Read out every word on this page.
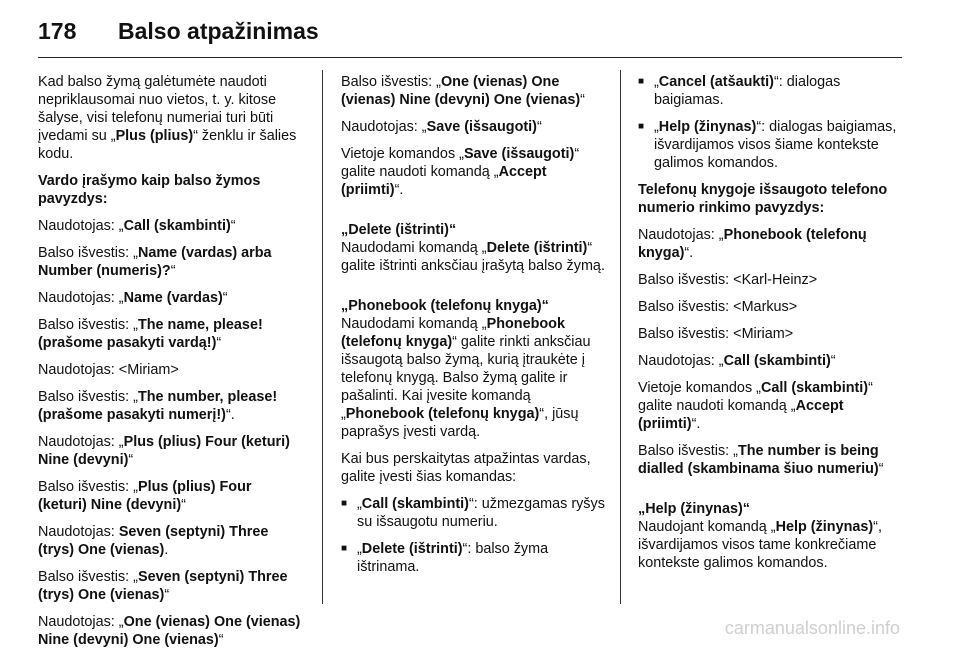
178 Balso atpažinimas

Kad balso žymą galėtumėte naudoti nepriklausomai nuo vietos, t. y. kitose šalyse, visi telefonų numeriai turi būti įvedami su „Plus (plius)“ ženklu ir šalies kodu.

Vardo įrašymo kaip balso žymos pavyzdys:

Naudotojas: „Call (skambinti)“

Balso išvestis: „Name (vardas) arba Number (numeris)?“

Naudotojas: „Name (vardas)“

Balso išvestis: „The name, please! (prašome pasakyti vardą!)“

Naudotojas: <Miriam>

Balso išvestis: „The number, please! (prašome pasakyti numerį!)“.

Naudotojas: „Plus (plius) Four (keturi) Nine (devyni)“

Balso išvestis: „Plus (plius) Four (keturi) Nine (devyni)“

Naudotojas: Seven (septyni) Three (trys) One (vienas).

Balso išvestis: „Seven (septyni) Three (trys) One (vienas)“

Naudotojas: „One (vienas) One (vienas) Nine (devyni) One (vienas)“

Balso išvestis: „One (vienas) One (vienas) Nine (devyni) One (vienas)“

Naudotojas: „Save (išsaugoti)“

Vietoje komandos „Save (išsaugoti)“ galite naudoti komandą „Accept (priimti)“.

„Delete (ištrinti)“

Naudodami komandą „Delete (ištrinti)“ galite ištrinti anksčiau įrašytą balso žymą.

„Phonebook (telefonų knyga)“

Naudodami komandą „Phonebook (telefonų knyga)“ galite rinkti anksčiau išsaugotą balso žymą, kurią įtraukėte į telefonų knygą. Balso žymą galite ir pašalinti. Kai įvesite komandą „Phonebook (telefonų knyga)“, jūsų paprašys įvesti vardą.

Kai bus perskaitytas atpažintas vardas, galite įvesti šias komandas:

■ „Call (skambinti)“: užmezgamas ryšys su išsaugotu numeriu.
■ „Delete (ištrinti)“: balso žyma ištrinama.
■ „Cancel (atšaukti)“: dialogas baigiamas.
■ „Help (žinynas)“: dialogas baigiamas, išvardijamos visos šiame kontekste galimos komandos.

Telefonų knygoje išsaugoto telefono numerio rinkimo pavyzdys:

Naudotojas: „Phonebook (telefonų knyga)“.

Balso išvestis: <Karl-Heinz>

Balso išvestis: <Markus>

Balso išvestis: <Miriam>

Naudotojas: „Call (skambinti)“

Vietoje komandos „Call (skambinti)“ galite naudoti komandą „Accept (priimti)“.

Balso išvestis: „The number is being dialled (skambinama šiuo numeriu)“

„Help (žinynas)“

Naudojant komandą „Help (žinynas)“, išvardijamos visos tame konkrečiame kontekste galimos komandos.

carmanualsonline.info
